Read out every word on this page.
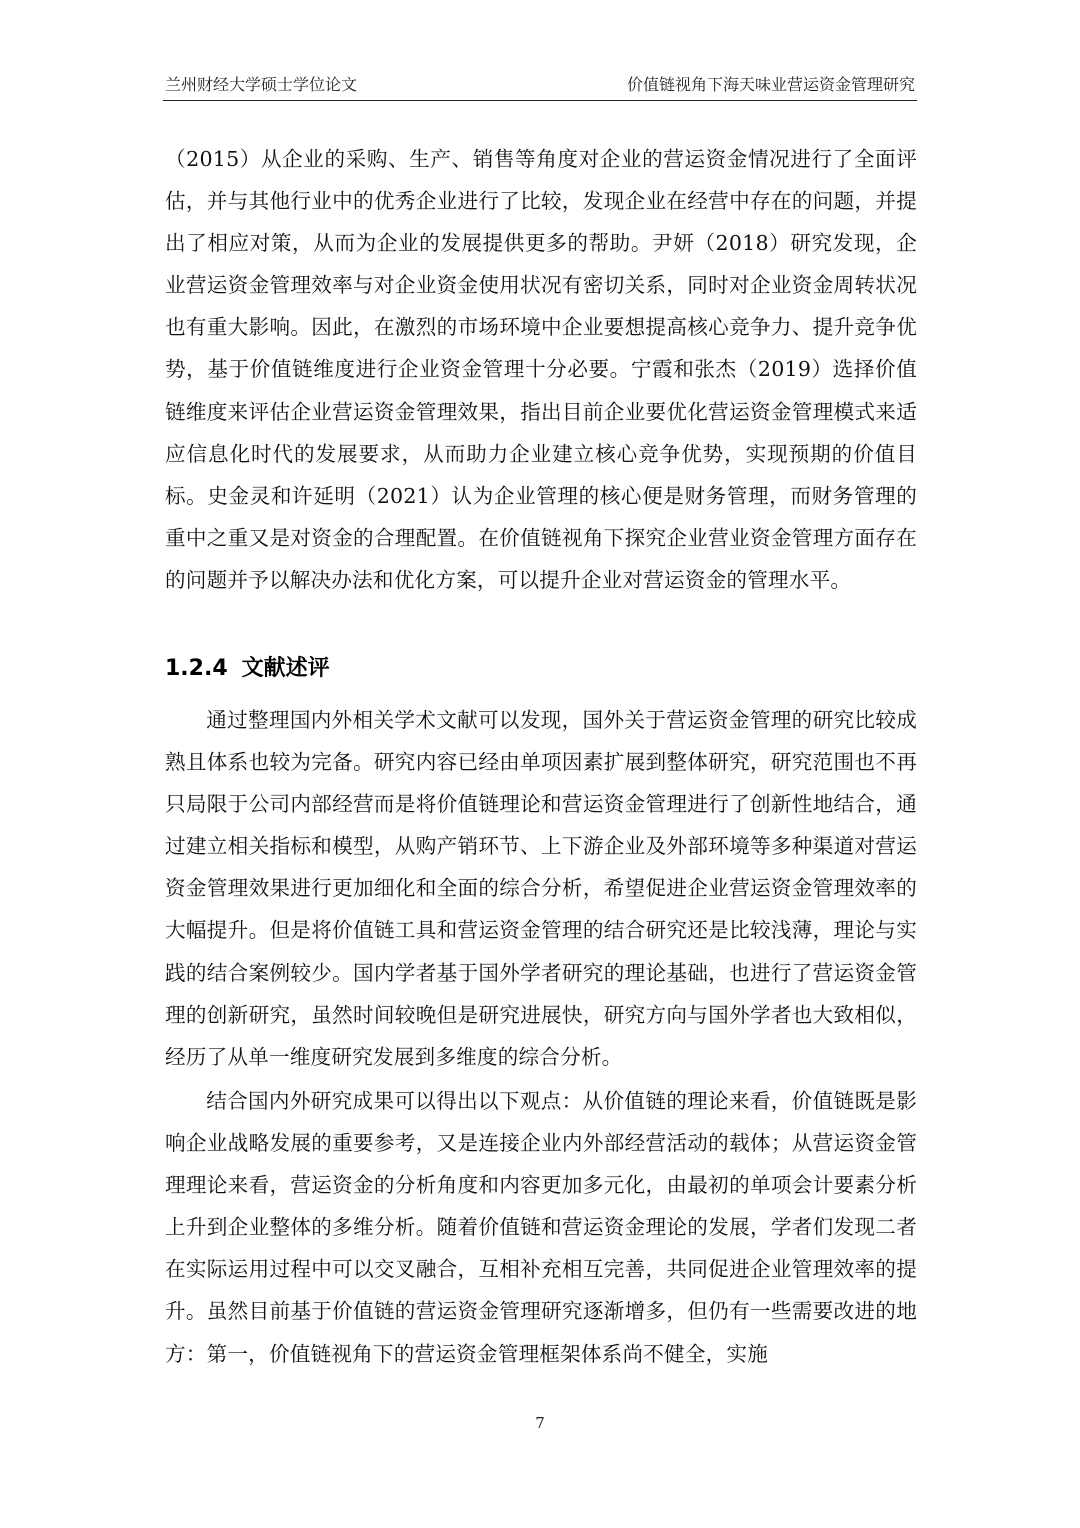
兰州财经大学硕士学位论文	价值链视角下海天味业营运资金管理研究
（2015）从企业的采购、生产、销售等角度对企业的营运资金情况进行了全面评估，并与其他行业中的优秀企业进行了比较，发现企业在经营中存在的问题，并提出了相应对策，从而为企业的发展提供更多的帮助。尹妍（2018）研究发现，企业营运资金管理效率与对企业资金使用状况有密切关系，同时对企业资金周转状况也有重大影响。因此，在激烈的市场环境中企业要想提高核心竞争力、提升竞争优势，基于价值链维度进行企业资金管理十分必要。宁霞和张杰（2019）选择价值链维度来评估企业营运资金管理效果，指出目前企业要优化营运资金管理模式来适应信息化时代的发展要求，从而助力企业建立核心竞争优势，实现预期的价值目标。史金灵和许延明（2021）认为企业管理的核心便是财务管理，而财务管理的重中之重又是对资金的合理配置。在价值链视角下探究企业营业资金管理方面存在的问题并予以解决办法和优化方案，可以提升企业对营运资金的管理水平。
1.2.4 文献述评
通过整理国内外相关学术文献可以发现，国外关于营运资金管理的研究比较成熟且体系也较为完备。研究内容已经由单项因素扩展到整体研究，研究范围也不再只局限于公司内部经营而是将价值链理论和营运资金管理进行了创新性地结合，通过建立相关指标和模型，从购产销环节、上下游企业及外部环境等多种渠道对营运资金管理效果进行更加细化和全面的综合分析，希望促进企业营运资金管理效率的大幅提升。但是将价值链工具和营运资金管理的结合研究还是比较浅薄，理论与实践的结合案例较少。国内学者基于国外学者研究的理论基础，也进行了营运资金管理的创新研究，虽然时间较晚但是研究进展快，研究方向与国外学者也大致相似，经历了从单一维度研究发展到多维度的综合分析。
结合国内外研究成果可以得出以下观点：从价值链的理论来看，价值链既是影响企业战略发展的重要参考，又是连接企业内外部经营活动的载体；从营运资金管理理论来看，营运资金的分析角度和内容更加多元化，由最初的单项会计要素分析上升到企业整体的多维分析。随着价值链和营运资金理论的发展，学者们发现二者在实际运用过程中可以交叉融合，互相补充相互完善，共同促进企业管理效率的提升。虽然目前基于价值链的营运资金管理研究逐渐增多，但仍有一些需要改进的地方：第一，价值链视角下的营运资金管理框架体系尚不健全，实施
7
